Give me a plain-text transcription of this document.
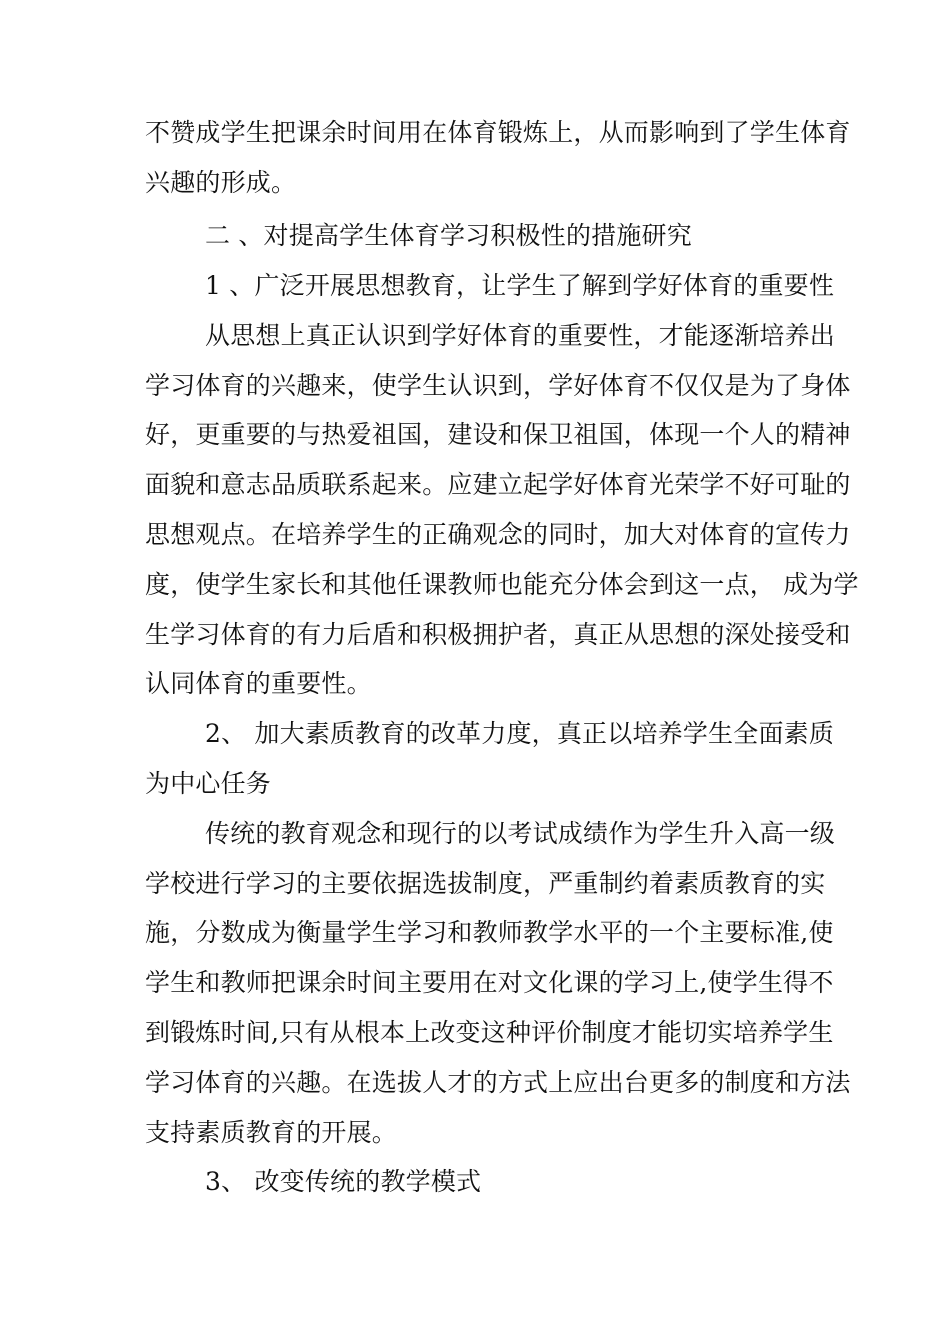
不赞成学生把课余时间用在体育锻炼上，从而影响到了学生体育
兴趣的形成。
二 、对提高学生体育学习积极性的措施研究
1 、广泛开展思想教育，让学生了解到学好体育的重要性
从思想上真正认识到学好体育的重要性，才能逐渐培养出
学习体育的兴趣来，使学生认识到，学好体育不仅仅是为了身体
好，更重要的与热爱祖国，建设和保卫祖国，体现一个人的精神
面貌和意志品质联系起来。应建立起学好体育光荣学不好可耻的
思想观点。在培养学生的正确观念的同时，加大对体育的宣传力
度，使学生家长和其他任课教师也能充分体会到这一点， 成为学
生学习体育的有力后盾和积极拥护者，真正从思想的深处接受和
认同体育的重要性。
2、 加大素质教育的改革力度，真正以培养学生全面素质
为中心任务
传统的教育观念和现行的以考试成绩作为学生升入高一级
学校进行学习的主要依据选拔制度，严重制约着素质教育的实
施，分数成为衡量学生学习和教师教学水平的一个主要标准,使
学生和教师把课余时间主要用在对文化课的学习上,使学生得不
到锻炼时间,只有从根本上改变这种评价制度才能切实培养学生
学习体育的兴趣。在选拔人才的方式上应出台更多的制度和方法
支持素质教育的开展。
3、 改变传统的教学模式
